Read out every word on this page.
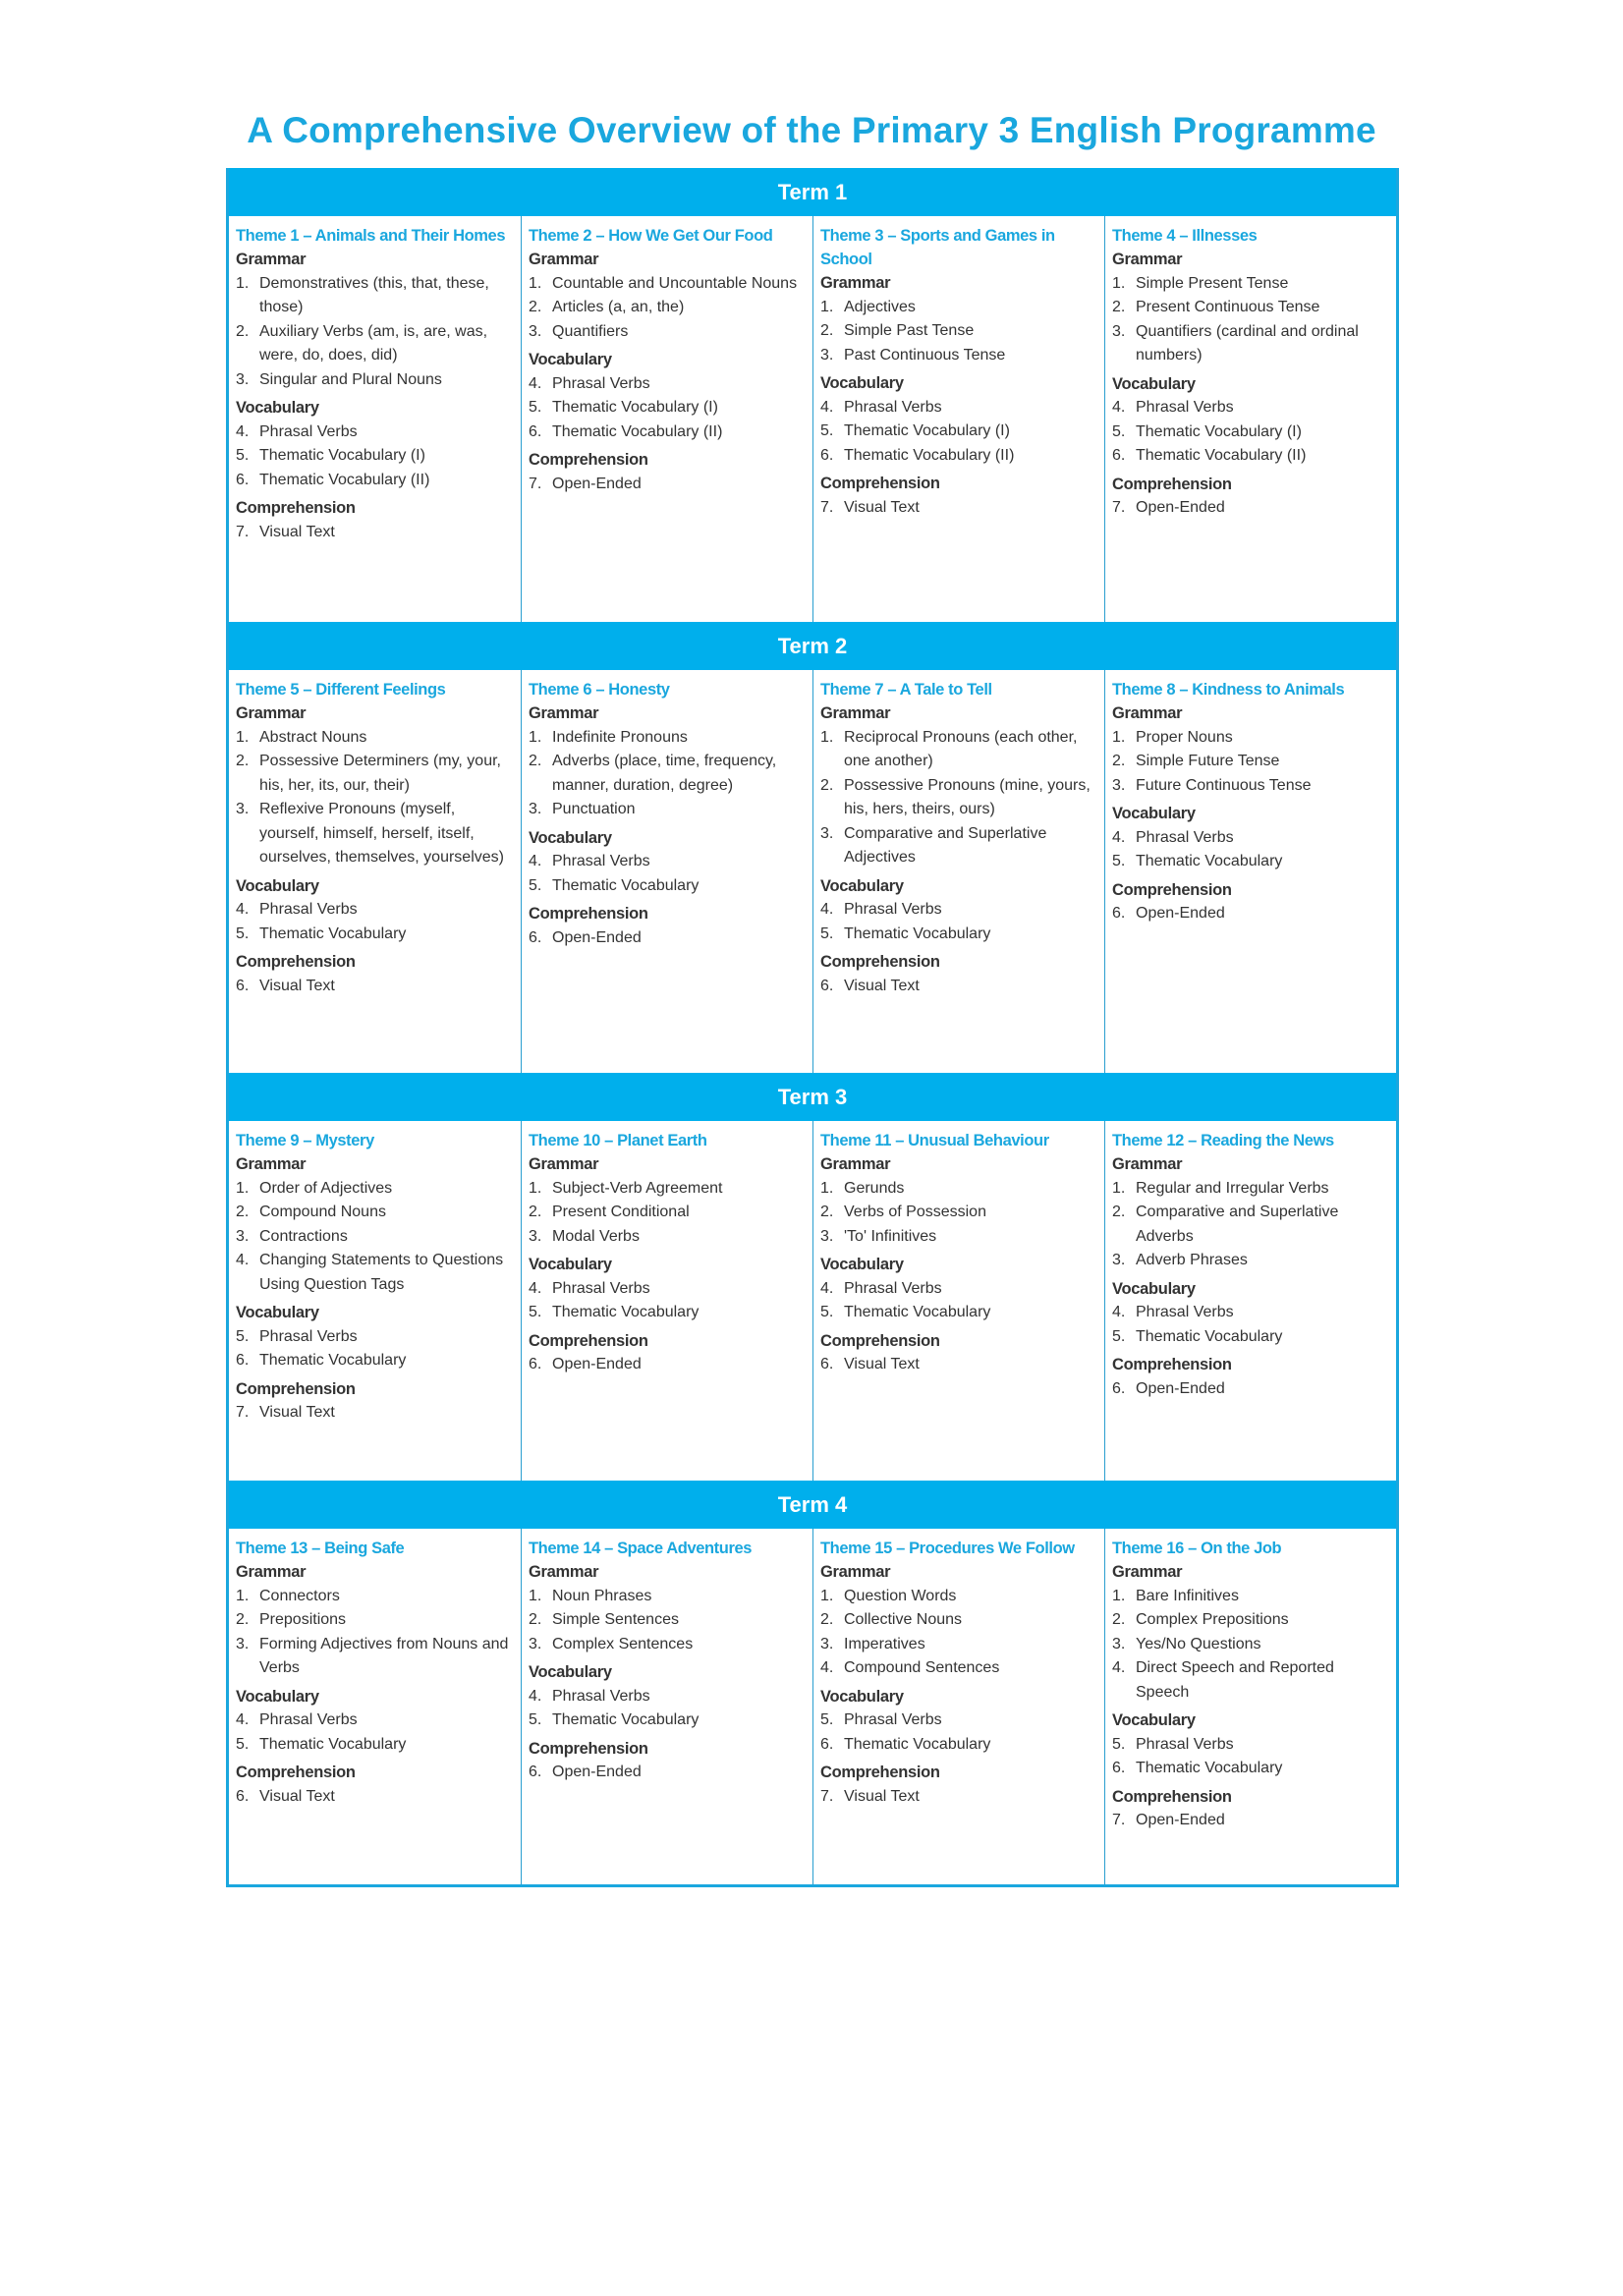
A Comprehensive Overview of the Primary 3 English Programme
Term 1
Theme 1 – Animals and Their Homes
Grammar
1. Demonstratives (this, that, these, those)
2. Auxiliary Verbs (am, is, are, was, were, do, does, did)
3. Singular and Plural Nouns
Vocabulary
4. Phrasal Verbs
5. Thematic Vocabulary (I)
6. Thematic Vocabulary (II)
Comprehension
7. Visual Text
Theme 2 – How We Get Our Food
Grammar
1. Countable and Uncountable Nouns
2. Articles (a, an, the)
3. Quantifiers
Vocabulary
4. Phrasal Verbs
5. Thematic Vocabulary (I)
6. Thematic Vocabulary (II)
Comprehension
7. Open-Ended
Theme 3 – Sports and Games in School
Grammar
1. Adjectives
2. Simple Past Tense
3. Past Continuous Tense
Vocabulary
4. Phrasal Verbs
5. Thematic Vocabulary (I)
6. Thematic Vocabulary (II)
Comprehension
7. Visual Text
Theme 4 – Illnesses
Grammar
1. Simple Present Tense
2. Present Continuous Tense
3. Quantifiers (cardinal and ordinal numbers)
Vocabulary
4. Phrasal Verbs
5. Thematic Vocabulary (I)
6. Thematic Vocabulary (II)
Comprehension
7. Open-Ended
Term 2
Theme 5 – Different Feelings
Grammar
1. Abstract Nouns
2. Possessive Determiners (my, your, his, her, its, our, their)
3. Reflexive Pronouns (myself, yourself, himself, herself, itself, ourselves, themselves, yourselves)
Vocabulary
4. Phrasal Verbs
5. Thematic Vocabulary
Comprehension
6. Visual Text
Theme 6 – Honesty
Grammar
1. Indefinite Pronouns
2. Adverbs (place, time, frequency, manner, duration, degree)
3. Punctuation
Vocabulary
4. Phrasal Verbs
5. Thematic Vocabulary
Comprehension
6. Open-Ended
Theme 7 – A Tale to Tell
Grammar
1. Reciprocal Pronouns (each other, one another)
2. Possessive Pronouns (mine, yours, his, hers, theirs, ours)
3. Comparative and Superlative Adjectives
Vocabulary
4. Phrasal Verbs
5. Thematic Vocabulary
Comprehension
6. Visual Text
Theme 8 – Kindness to Animals
Grammar
1. Proper Nouns
2. Simple Future Tense
3. Future Continuous Tense
Vocabulary
4. Phrasal Verbs
5. Thematic Vocabulary
Comprehension
6. Open-Ended
Term 3
Theme 9 – Mystery
Grammar
1. Order of Adjectives
2. Compound Nouns
3. Contractions
4. Changing Statements to Questions Using Question Tags
Vocabulary
5. Phrasal Verbs
6. Thematic Vocabulary
Comprehension
7. Visual Text
Theme 10 – Planet Earth
Grammar
1. Subject-Verb Agreement
2. Present Conditional
3. Modal Verbs
Vocabulary
4. Phrasal Verbs
5. Thematic Vocabulary
Comprehension
6. Open-Ended
Theme 11 – Unusual Behaviour
Grammar
1. Gerunds
2. Verbs of Possession
3. 'To' Infinitives
Vocabulary
4. Phrasal Verbs
5. Thematic Vocabulary
Comprehension
6. Visual Text
Theme 12 – Reading the News
Grammar
1. Regular and Irregular Verbs
2. Comparative and Superlative Adverbs
3. Adverb Phrases
Vocabulary
4. Phrasal Verbs
5. Thematic Vocabulary
Comprehension
6. Open-Ended
Term 4
Theme 13 – Being Safe
Grammar
1. Connectors
2. Prepositions
3. Forming Adjectives from Nouns and Verbs
Vocabulary
4. Phrasal Verbs
5. Thematic Vocabulary
Comprehension
6. Visual Text
Theme 14 – Space Adventures
Grammar
1. Noun Phrases
2. Simple Sentences
3. Complex Sentences
Vocabulary
4. Phrasal Verbs
5. Thematic Vocabulary
Comprehension
6. Open-Ended
Theme 15 – Procedures We Follow
Grammar
1. Question Words
2. Collective Nouns
3. Imperatives
4. Compound Sentences
Vocabulary
5. Phrasal Verbs
6. Thematic Vocabulary
Comprehension
7. Visual Text
Theme 16 – On the Job
Grammar
1. Bare Infinitives
2. Complex Prepositions
3. Yes/No Questions
4. Direct Speech and Reported Speech
Vocabulary
5. Phrasal Verbs
6. Thematic Vocabulary
Comprehension
7. Open-Ended
